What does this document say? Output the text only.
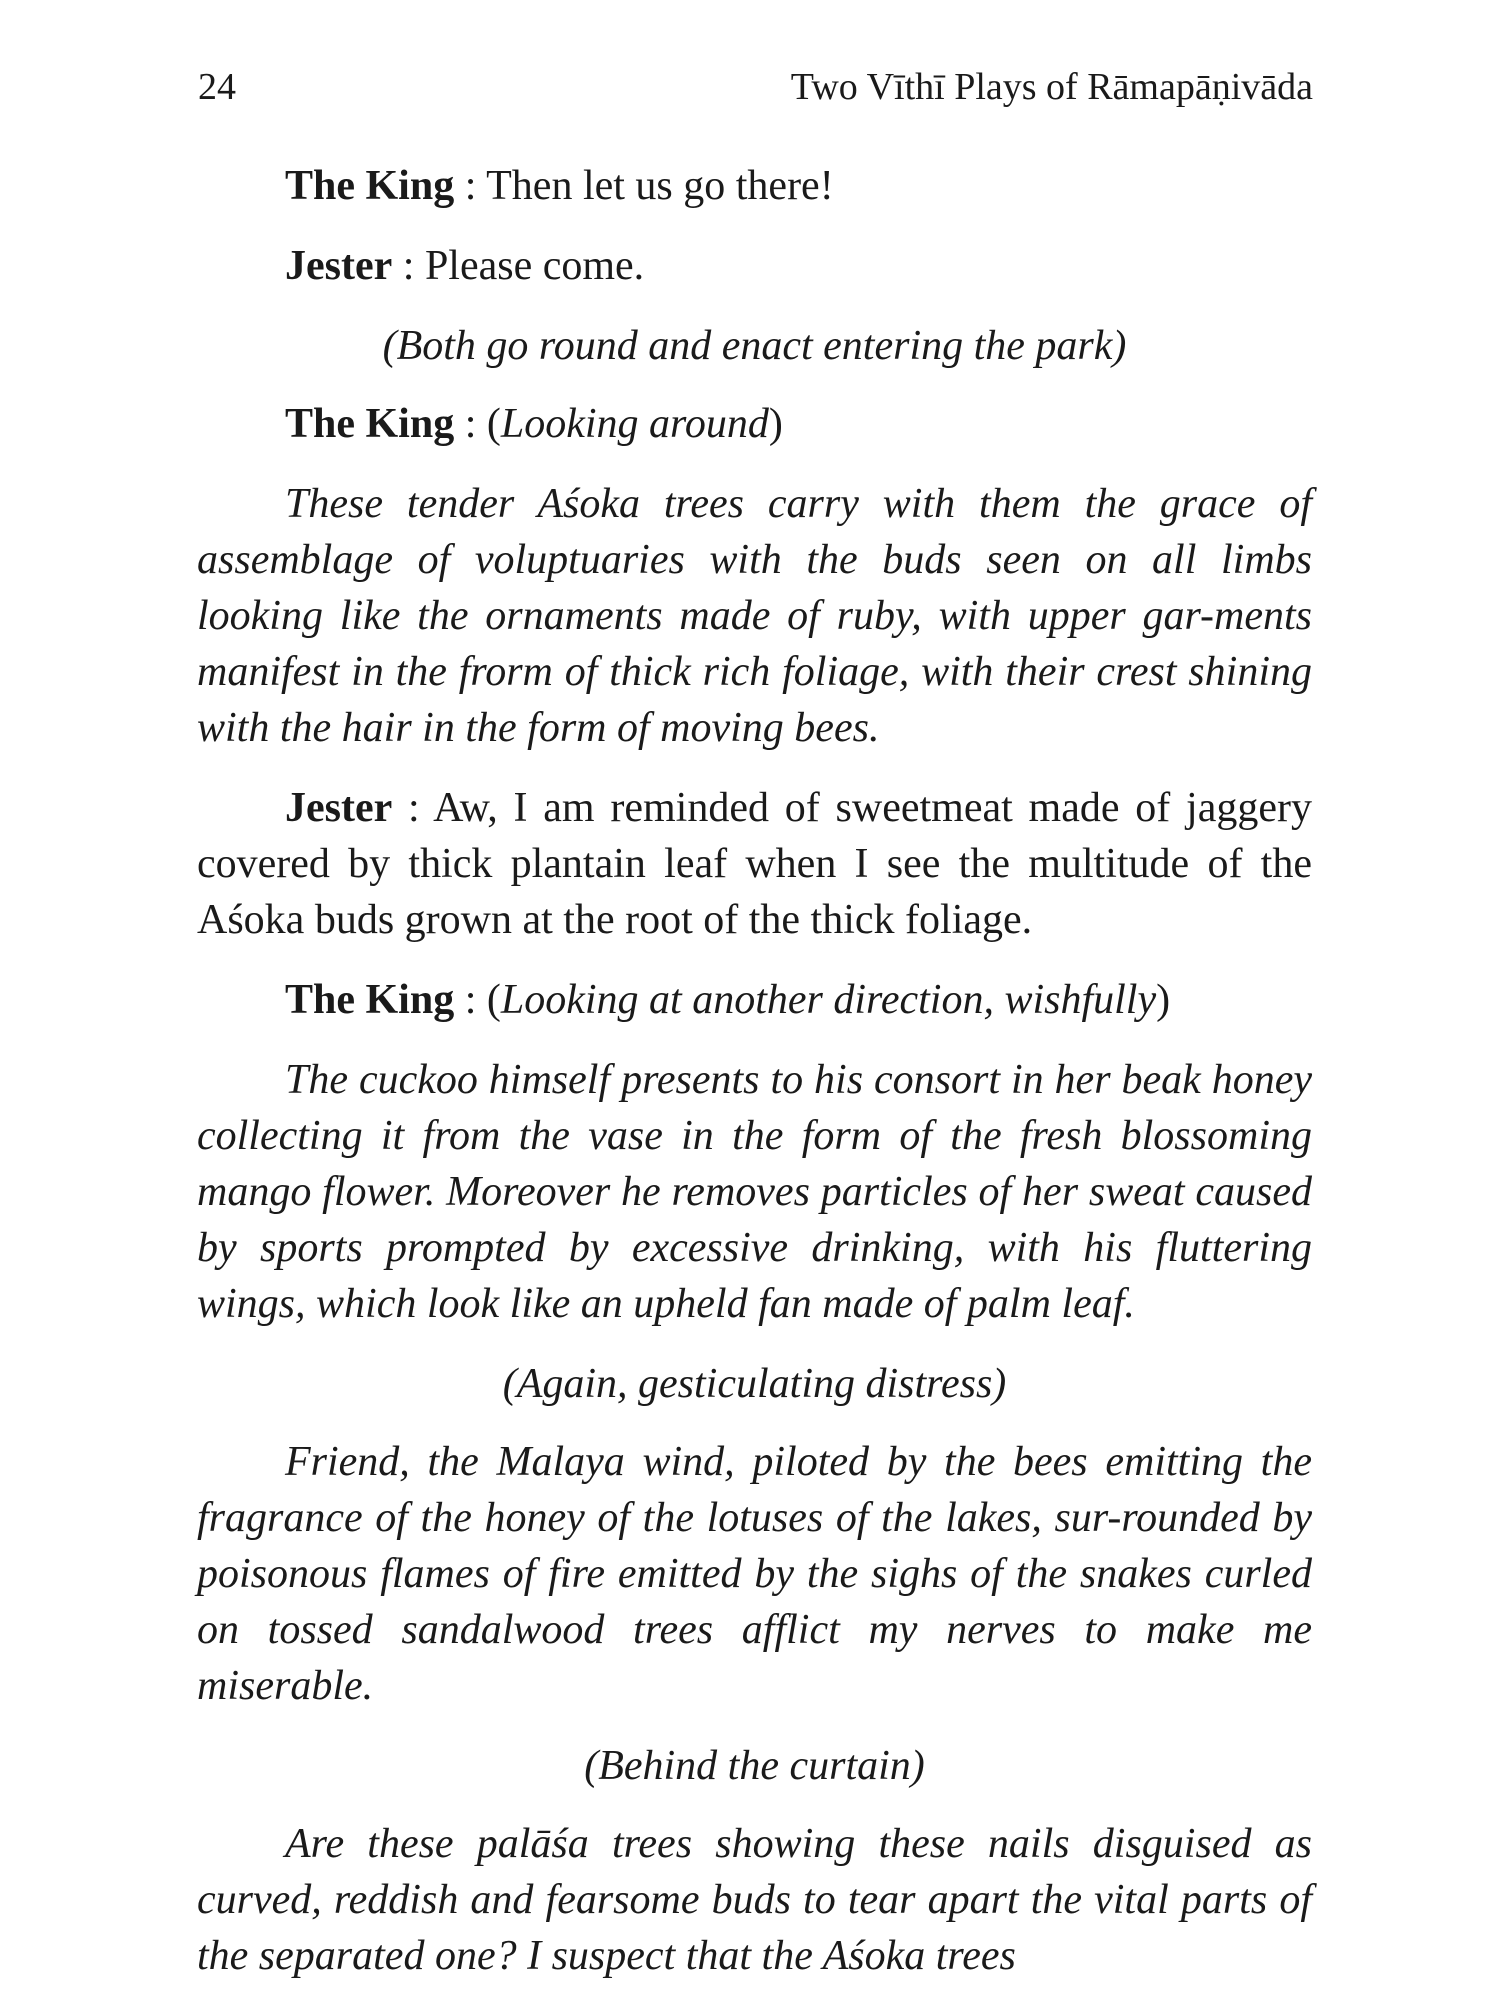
24	Two Vīthī Plays of Rāmapāṇivāda

The King : Then let us go there!

Jester : Please come.

(Both go round and enact entering the park)

The King : (Looking around)

These tender Aśoka trees carry with them the grace of assemblage of voluptuaries with the buds seen on all limbs looking like the ornaments made of ruby, with upper gar-ments manifest in the frorm of thick rich foliage, with their crest shining with the hair in the form of moving bees.

Jester : Aw, I am reminded of sweetmeat made of jaggery covered by thick plantain leaf when I see the multitude of the Aśoka buds grown at the root of the thick foliage.

The King : (Looking at another direction, wishfully)

The cuckoo himself presents to his consort in her beak honey collecting it from the vase in the form of the fresh blossoming mango flower. Moreover he removes particles of her sweat caused by sports prompted by excessive drinking, with his fluttering wings, which look like an upheld fan made of palm leaf.

(Again, gesticulating distress)

Friend, the Malaya wind, piloted by the bees emitting the fragrance of the honey of the lotuses of the lakes, sur-rounded by poisonous flames of fire emitted by the sighs of the snakes curled on tossed sandalwood trees afflict my nerves to make me miserable.

(Behind the curtain)

Are these palāśa trees showing these nails disguised as curved, reddish and fearsome buds to tear apart the vital parts of the separated one? I suspect that the Aśoka trees
